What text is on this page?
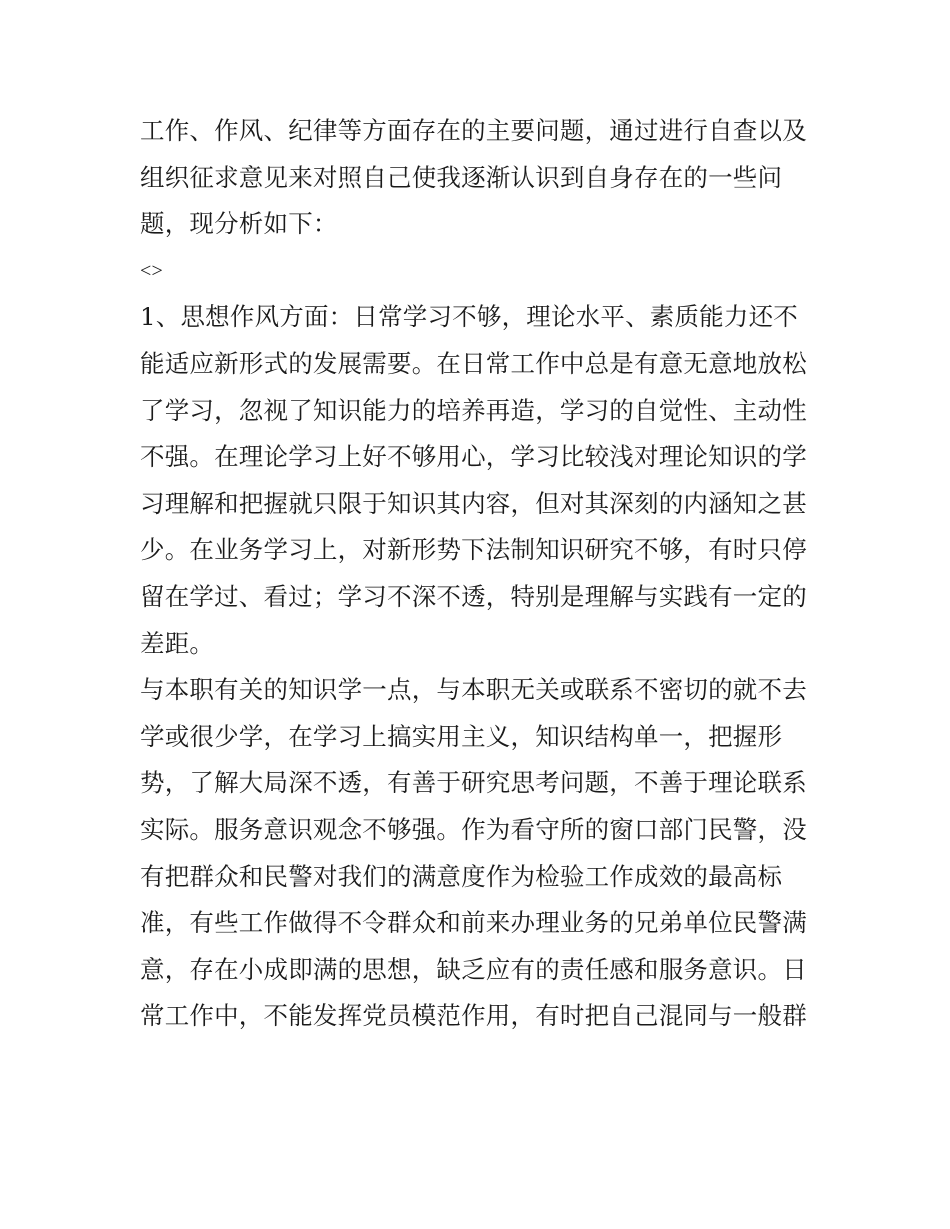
工作、作风、纪律等方面存在的主要问题，通过进行自查以及
组织征求意见来对照自己使我逐渐认识到自身存在的一些问
题，现分析如下：
<>
1、思想作风方面：日常学习不够，理论水平、素质能力还不
能适应新形式的发展需要。在日常工作中总是有意无意地放松
了学习，忽视了知识能力的培养再造，学习的自觉性、主动性
不强。在理论学习上好不够用心，学习比较浅对理论知识的学
习理解和把握就只限于知识其内容，但对其深刻的内涵知之甚
少。在业务学习上，对新形势下法制知识研究不够，有时只停
留在学过、看过；学习不深不透，特别是理解与实践有一定的
差距。
与本职有关的知识学一点，与本职无关或联系不密切的就不去
学或很少学，在学习上搞实用主义，知识结构单一，把握形
势，了解大局深不透，有善于研究思考问题，不善于理论联系
实际。服务意识观念不够强。作为看守所的窗口部门民警，没
有把群众和民警对我们的满意度作为检验工作成效的最高标
准，有些工作做得不令群众和前来办理业务的兄弟单位民警满
意，存在小成即满的思想，缺乏应有的责任感和服务意识。日
常工作中，不能发挥党员模范作用，有时把自己混同与一般群
